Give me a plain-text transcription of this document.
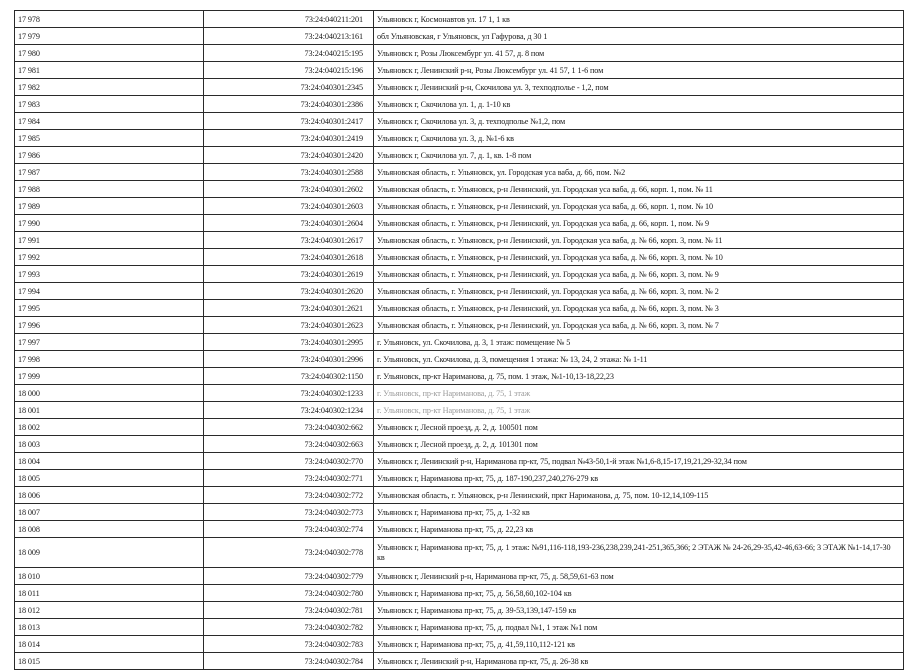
17 978	73:24:040211:201	Ульяновск г, Космонавтов ул. 17 1, 1 кв
17 979	73:24:040213:161	обл Ульяновская, г Ульяновск, ул Гафурова, д 30 1
17 980	73:24:040215:195	Ульяновск г, Розы Люксембург ул. 41 57, д. 8 пом
17 981	73:24:040215:196	Ульяновск г, Ленинский р-н, Розы Люксембург ул. 41 57, 1 1-6 пом
17 982	73:24:040301:2345	Ульяновск г, Ленинский р-н, Скочилова ул. 3, техподполье - 1,2, пом
17 983	73:24:040301:2386	Ульяновск г, Скочилова ул. 1, д. 1-10 кв
17 984	73:24:040301:2417	Ульяновск г, Скочилова ул. 3, д. техподполье №1,2, пом
17 985	73:24:040301:2419	Ульяновск г, Скочилова ул. 3, д. №1-6 кв
17 986	73:24:040301:2420	Ульяновск г, Скочилова ул. 7, д. 1, кв. 1-8 пом
17 987	73:24:040301:2588	Ульяновская область, г. Ульяновск, ул. Городская уса ваба, д. 66, пом. №2
17 988	73:24:040301:2602	Ульяновская область, г. Ульяновск, р-н Ленинский, ул. Городская уса ваба, д. 66, корп. 1, пом. № 11
17 989	73:24:040301:2603	Ульяновская область, г. Ульяновск, р-н Ленинский, ул. Городская уса ваба, д. 66, корп. 1, пом. № 10
17 990	73:24:040301:2604	Ульяновская область, г. Ульяновск, р-н Ленинский, ул. Городская уса ваба, д. 66, корп. 1, пом. № 9
17 991	73:24:040301:2617	Ульяновская область, г. Ульяновск, р-н Ленинский, ул. Городская уса ваба, д. № 66, корп. 3, пом. № 11
17 992	73:24:040301:2618	Ульяновская область, г. Ульяновск, р-н Ленинский, ул. Городская уса ваба, д. № 66, корп. 3, пом. № 10
17 993	73:24:040301:2619	Ульяновская область, г. Ульяновск, р-н Ленинский, ул. Городская уса ваба, д. № 66, корп. 3, пом. № 9
17 994	73:24:040301:2620	Ульяновская область, г. Ульяновск, р-н Ленинский, ул. Городская уса ваба, д. № 66, корп. 3, пом. № 2
17 995	73:24:040301:2621	Ульяновская область, г. Ульяновск, р-н Ленинский, ул. Городская уса ваба, д. № 66, корп. 3, пом. № 3
17 996	73:24:040301:2623	Ульяновская область, г. Ульяновск, р-н Ленинский, ул. Городская уса ваба, д. № 66, корп. 3, пом. № 7
17 997	73:24:040301:2995	г. Ульяновск, ул. Скочилова, д. 3, 1 этаж: помещение № 5
17 998	73:24:040301:2996	г. Ульяновск, ул. Скочилова, д. 3, помещения 1 этажа: № 13, 24, 2 этажа: № 1-11
17 999	73:24:040302:1150	г. Ульяновск, пр-кт Нариманова, д. 75, пом. 1 этаж, №1-10,13-18,22,23
18 000	73:24:040302:1233	г. Ульяновск, пр-кт Нариманова, д. 75, 1 этаж
18 001	73:24:040302:1234	г. Ульяновск, пр-кт Нариманова, д. 75, 1 этаж
18 002	73:24:040302:662	Ульяновск г, Лесной проезд, д. 2, д. 100501 пом
18 003	73:24:040302:663	Ульяновск г, Лесной проезд, д. 2, д. 101301 пом
18 004	73:24:040302:770	Ульяновск г, Ленинский р-н, Нариманова пр-кт, 75, подвал №43-50,1-й этаж №1,6-8,15-17,19,21,29-32,34 пом
18 005	73:24:040302:771	Ульяновск г, Нариманова пр-кт, 75, д. 187-190,237,240,276-279 кв
18 006	73:24:040302:772	Ульяновская область, г. Ульяновск, р-н Ленинский, пркт Нариманова, д. 75, пом. 10-12,14,109-115
18 007	73:24:040302:773	Ульяновск г, Нариманова пр-кт, 75, д. 1-32 кв
18 008	73:24:040302:774	Ульяновск г, Нариманова пр-кт, 75, д. 22,23 кв
18 009	73:24:040302:778	Ульяновск г, Нариманова пр-кт, 75, д. 1 этаж: №91,116-118,193-236,238,239,241-251,365,366; 2 ЭТАЖ № 24-26,29-35,42-46,63-66; 3 ЭТАЖ №1-14,17-30 кв
18 010	73:24:040302:779	Ульяновск г, Ленинский р-н, Нариманова пр-кт, 75, д. 58,59,61-63 пом
18 011	73:24:040302:780	Ульяновск г, Нариманова пр-кт, 75, д. 56,58,60,102-104 кв
18 012	73:24:040302:781	Ульяновск г, Нариманова пр-кт, 75, д. 39-53,139,147-159 кв
18 013	73:24:040302:782	Ульяновск г, Нариманова пр-кт, 75, д. подвал №1, 1 этаж №1 пом
18 014	73:24:040302:783	Ульяновск г, Нариманова пр-кт, 75, д. 41,59,110,112-121 кв
18 015	73:24:040302:784	Ульяновск г, Ленинский р-н, Нариманова пр-кт, 75, д. 26-38 кв
